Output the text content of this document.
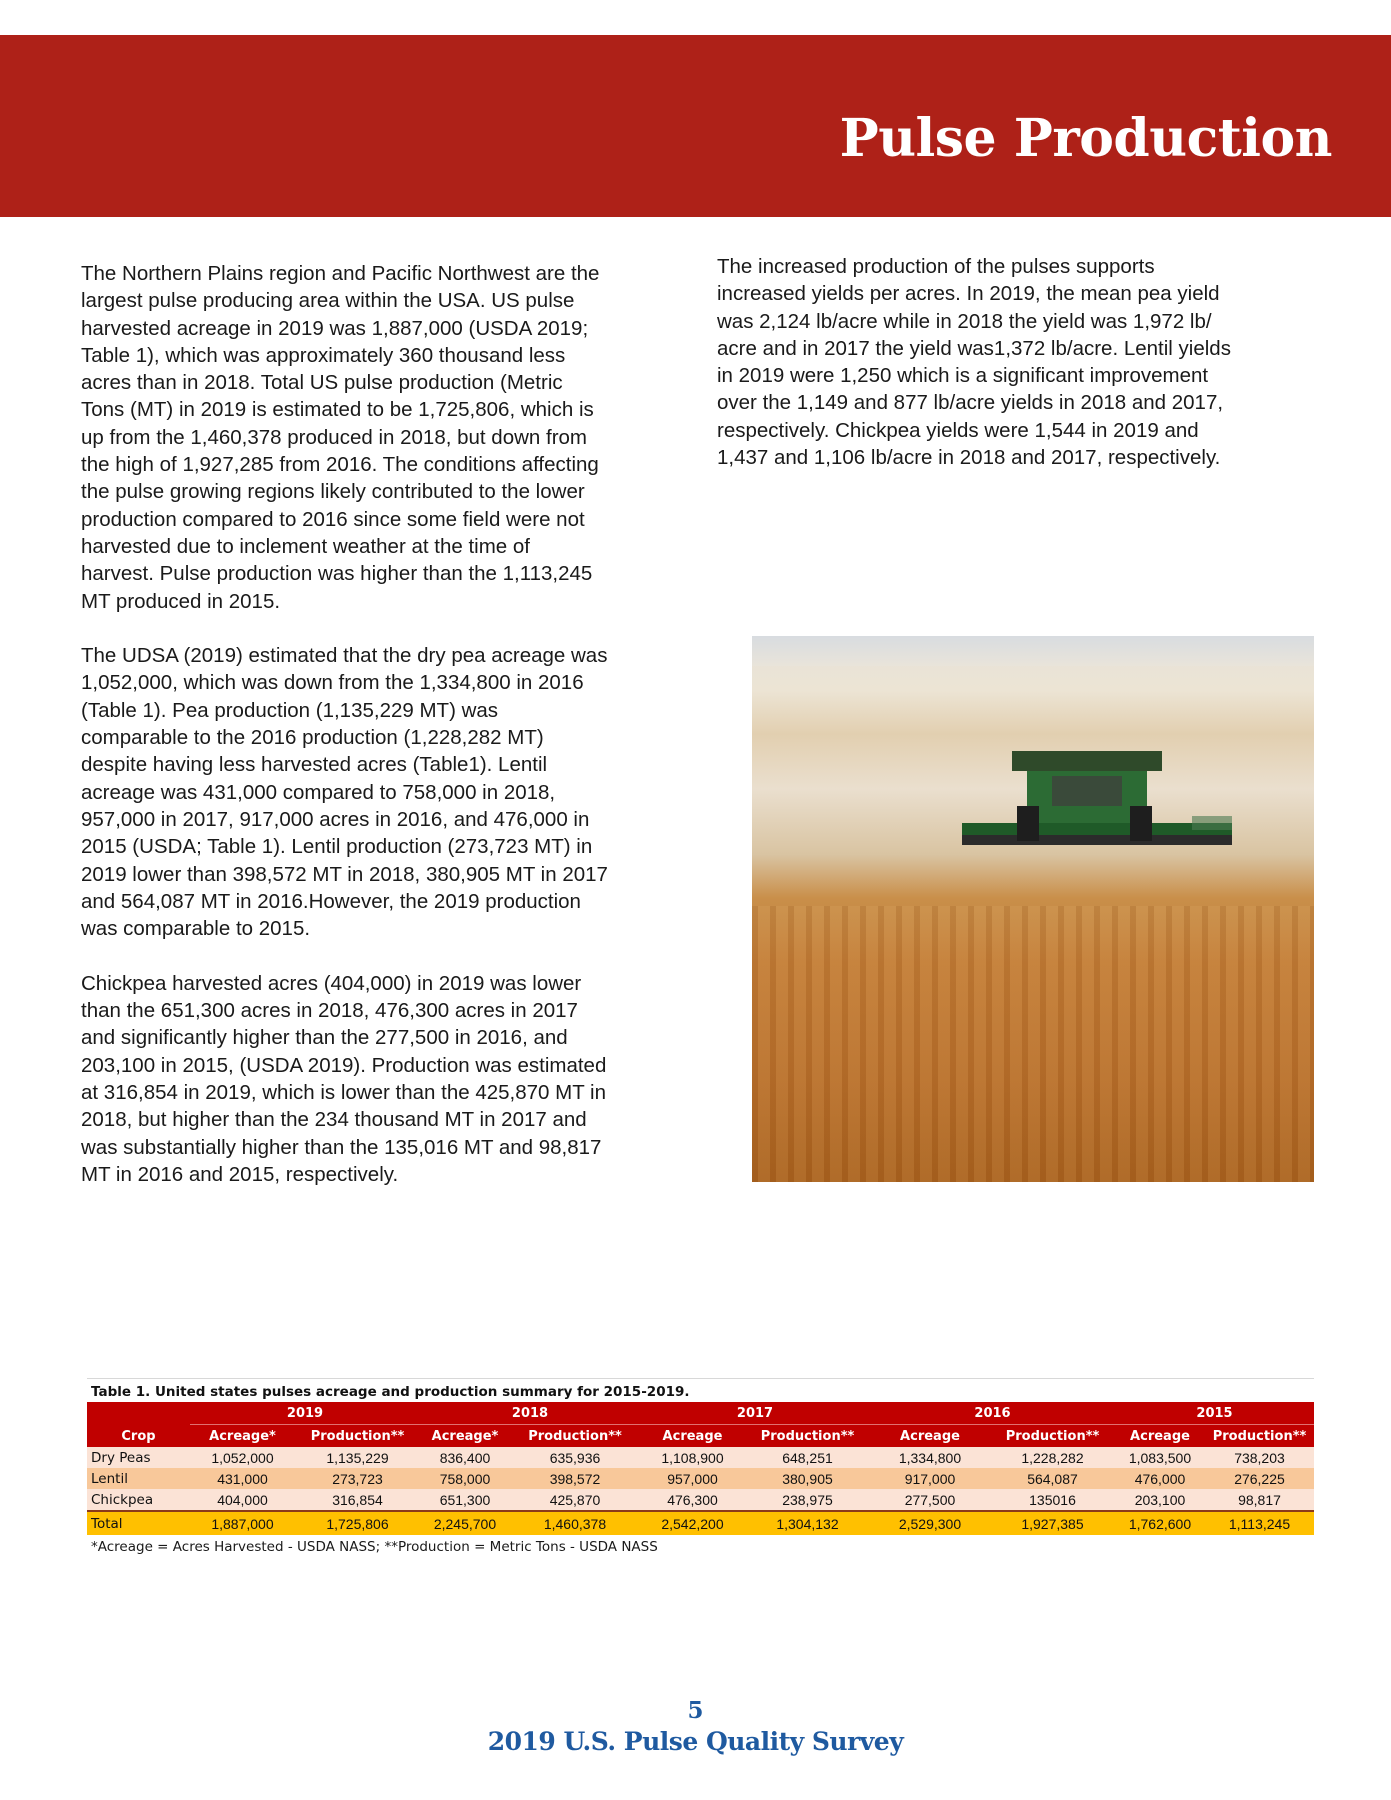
Pulse Production
The Northern Plains region and Pacific Northwest are the
largest pulse producing area within the USA. US pulse
harvested acreage in 2019 was 1,887,000 (USDA 2019;
Table 1), which was approximately 360 thousand less
acres than in 2018. Total US pulse production (Metric
Tons (MT) in 2019 is estimated to be 1,725,806, which is
up from the 1,460,378 produced in 2018, but down from
the high of 1,927,285 from 2016. The conditions affecting
the pulse growing regions likely contributed to the lower
production compared to 2016 since some field were not
harvested due to inclement weather at the time of
harvest. Pulse production was higher than the 1,113,245
MT produced in 2015.
The UDSA (2019) estimated that the dry pea acreage was
1,052,000, which was down from the 1,334,800 in 2016
(Table 1). Pea production (1,135,229 MT) was
comparable to the 2016 production (1,228,282 MT)
despite having less harvested acres (Table1). Lentil
acreage was 431,000 compared to 758,000 in 2018,
957,000 in 2017, 917,000 acres in 2016, and 476,000 in
2015 (USDA; Table 1). Lentil production (273,723 MT) in
2019 lower than 398,572 MT in 2018, 380,905 MT in 2017
and 564,087 MT in 2016.However, the 2019 production
was comparable to 2015.
Chickpea harvested acres (404,000) in 2019 was lower
than the 651,300 acres in 2018, 476,300 acres in 2017
and significantly higher than the 277,500 in 2016, and
203,100 in 2015, (USDA 2019). Production was estimated
at 316,854 in 2019, which is lower than the 425,870 MT in
2018, but higher than the 234 thousand MT in 2017 and
was substantially higher than the 135,016 MT and 98,817
MT in 2016 and 2015, respectively.
The increased production of the pulses supports
increased yields per acres. In 2019, the mean pea yield
was 2,124 lb/acre while in 2018 the yield was 1,972 lb/
acre and in 2017 the yield was1,372 lb/acre. Lentil yields
in 2019 were 1,250 which is a significant improvement
over the 1,149 and 877 lb/acre yields in 2018 and 2017,
respectively. Chickpea yields were 1,544 in 2019 and
1,437 and 1,106 lb/acre in 2018 and 2017, respectively.
Table 1. United states pulses acreage and production summary for 2015-2019.
Crop	2019		2018		2017		2016		2015	
	Acreage*	Production**	Acreage*	Production**	Acreage	Production**	Acreage	Production**	Acreage	Production**
Dry Peas	1,052,000	1,135,229	836,400	635,936	1,108,900	648,251	1,334,800	1,228,282	1,083,500	738,203
Lentil	431,000	273,723	758,000	398,572	957,000	380,905	917,000	564,087	476,000	276,225
Chickpea	404,000	316,854	651,300	425,870	476,300	238,975	277,500	135016	203,100	98,817
Total	1,887,000	1,725,806	2,245,700	1,460,378	2,542,200	1,304,132	2,529,300	1,927,385	1,762,600	1,113,245
*Acreage = Acres Harvested - USDA NASS; **Production = Metric Tons - USDA NASS
5
2019 U.S. Pulse Quality Survey
